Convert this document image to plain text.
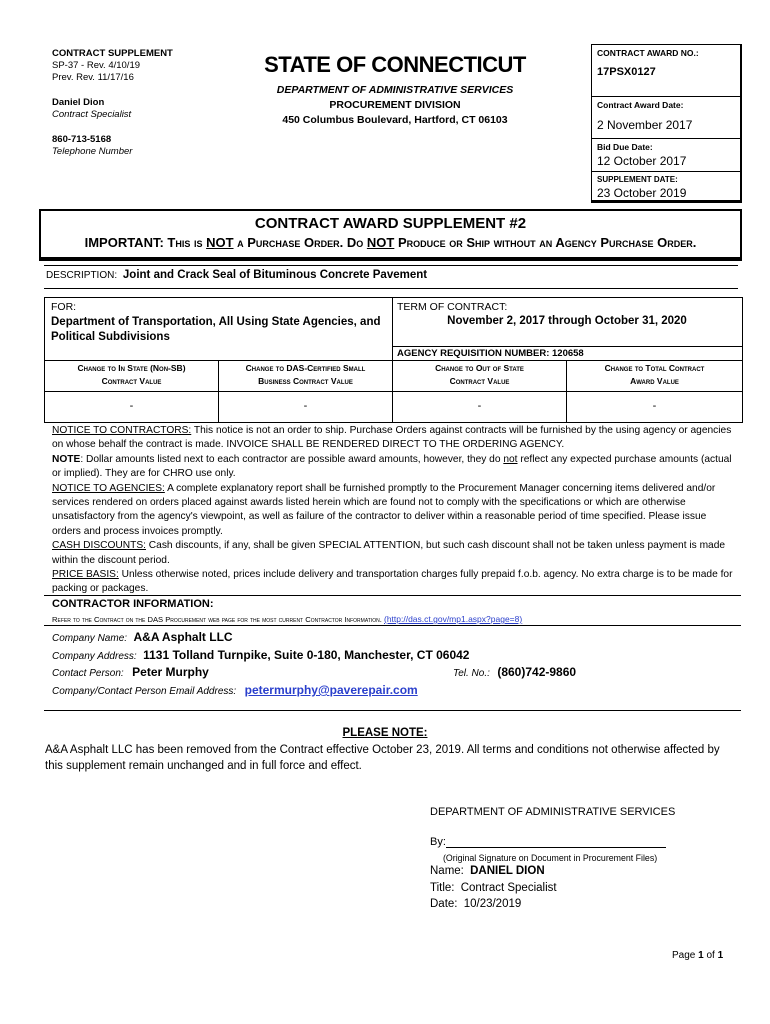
CONTRACT SUPPLEMENT
SP-37 - Rev. 4/10/19
Prev. Rev. 11/17/16
Daniel Dion
Contract Specialist
860-713-5168
Telephone Number
STATE OF CONNECTICUT
DEPARTMENT OF ADMINISTRATIVE SERVICES
PROCUREMENT DIVISION
450 Columbus Boulevard, Hartford, CT 06103
CONTRACT AWARD NO.:
17PSX0127
Contract Award Date:
2 November 2017
Bid Due Date:
12 October 2017
SUPPLEMENT DATE:
23 October 2019
CONTRACT AWARD SUPPLEMENT #2
IMPORTANT: This is NOT a Purchase Order. Do NOT Produce or Ship without an Agency Purchase Order.
DESCRIPTION: Joint and Crack Seal of Bituminous Concrete Pavement
FOR:
Department of Transportation, All Using State Agencies, and Political Subdivisions
TERM OF CONTRACT:
November 2, 2017 through October 31, 2020
AGENCY REQUISITION NUMBER: 120658
Change to In State (Non-SB)
Contract Value
Change to DAS-Certified Small
Business Contract Value
Change to Out of State
Contract Value
Change to Total Contract
Award Value
-	-	-	-
NOTICE TO CONTRACTORS: This notice is not an order to ship. Purchase Orders against contracts will be furnished by the using agency or agencies on whose behalf the contract is made. INVOICE SHALL BE RENDERED DIRECT TO THE ORDERING AGENCY.
NOTE: Dollar amounts listed next to each contractor are possible award amounts, however, they do not reflect any expected purchase amounts (actual or implied). They are for CHRO use only.
NOTICE TO AGENCIES: A complete explanatory report shall be furnished promptly to the Procurement Manager concerning items delivered and/or services rendered on orders placed against awards listed herein which are found not to comply with the specifications or which are otherwise unsatisfactory from the agency's viewpoint, as well as failure of the contractor to deliver within a reasonable period of time specified. Please issue orders and process invoices promptly.
CASH DISCOUNTS: Cash discounts, if any, shall be given SPECIAL ATTENTION, but such cash discount shall not be taken unless payment is made within the discount period.
PRICE BASIS: Unless otherwise noted, prices include delivery and transportation charges fully prepaid f.o.b. agency. No extra charge is to be made for packing or packages.
CONTRACTOR INFORMATION:
Refer to the Contract on the DAS Procurement web page for the most current Contractor Information. (http://das.ct.gov/mp1.aspx?page=8)
Company Name: A&A Asphalt LLC
Company Address: 1131 Tolland Turnpike, Suite 0-180, Manchester, CT 06042
Contact Person: Peter Murphy	Tel. No.: (860)742-9860
Company/Contact Person Email Address: petermurphy@paverepair.com
PLEASE NOTE:
A&A Asphalt LLC has been removed from the Contract effective October 23, 2019. All terms and conditions not otherwise affected by this supplement remain unchanged and in full force and effect.
DEPARTMENT OF ADMINISTRATIVE SERVICES
By:
(Original Signature on Document in Procurement Files)
Name: DANIEL DION
Title: Contract Specialist
Date: 10/23/2019
Page 1 of 1
